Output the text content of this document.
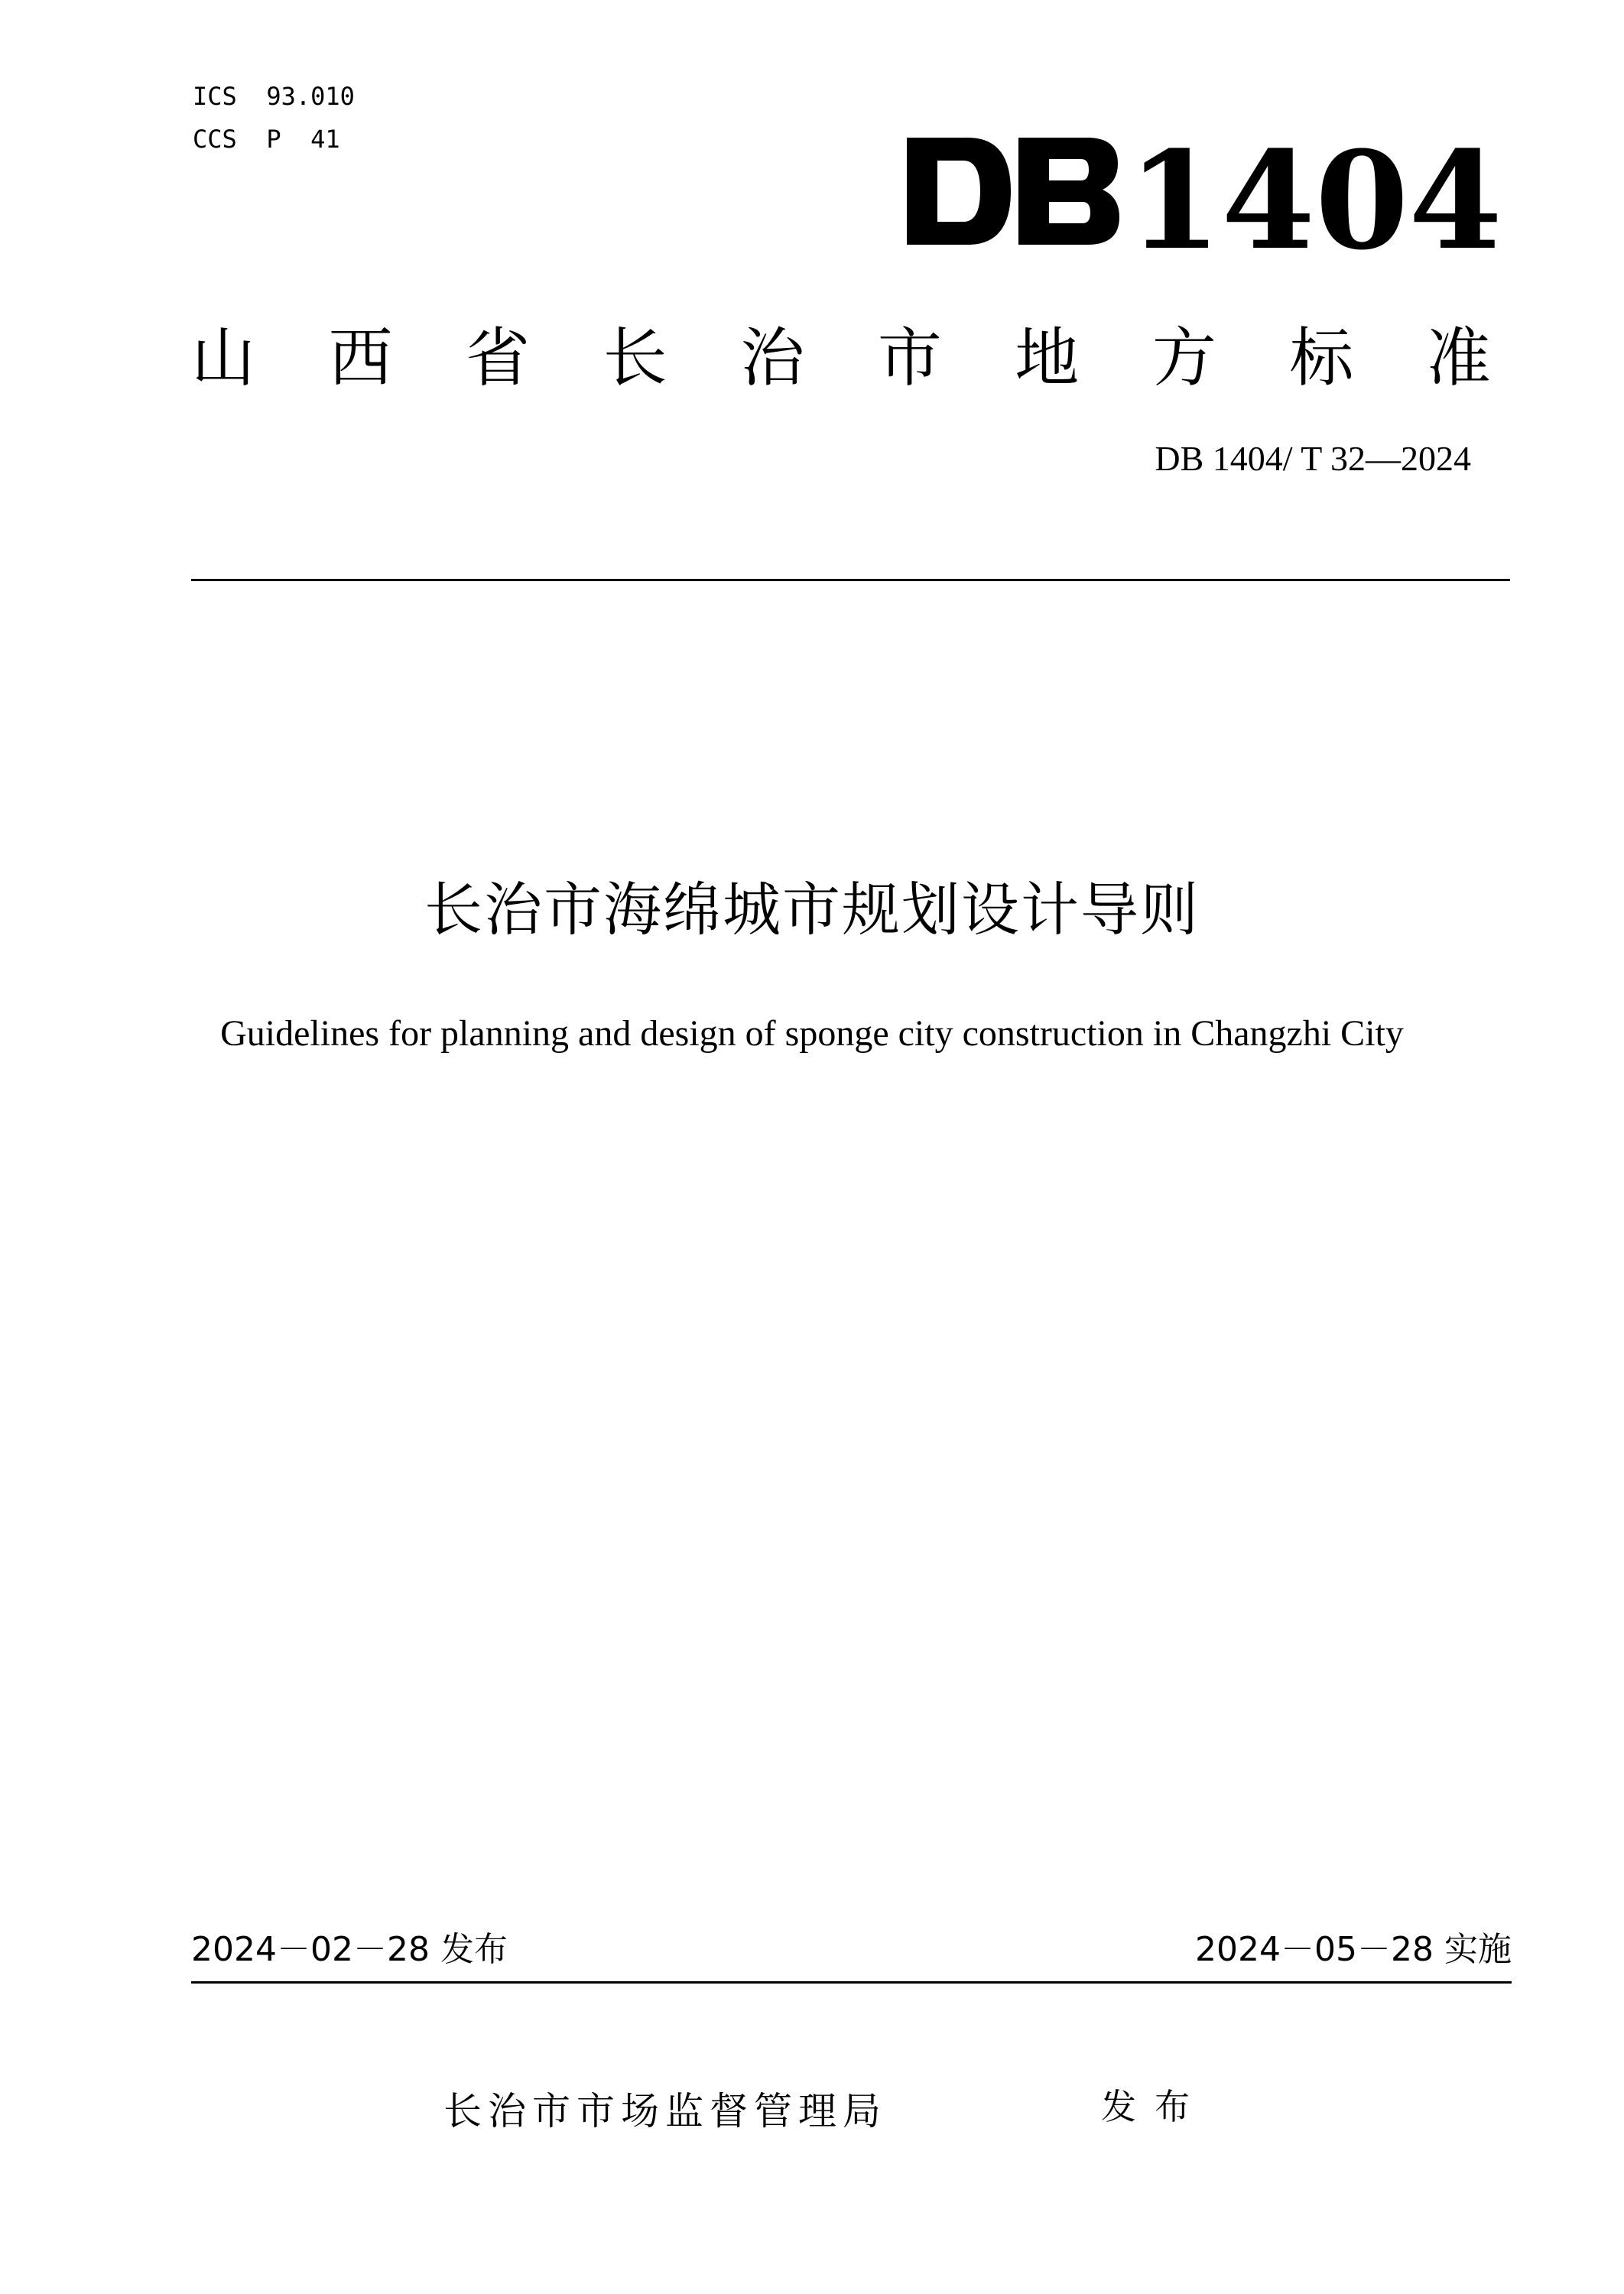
ICS  93.010
CCS  P  41	1404
山 西 省 长 治 市 地 方 标 准
DB 1404/ T 32—2024
长治市海绵城市规划设计导则
Guidelines for planning and design of sponge city construction in Changzhi City
2024－02－28 发布	2024－05－28 实施
长治市市场监督管理局	发布
